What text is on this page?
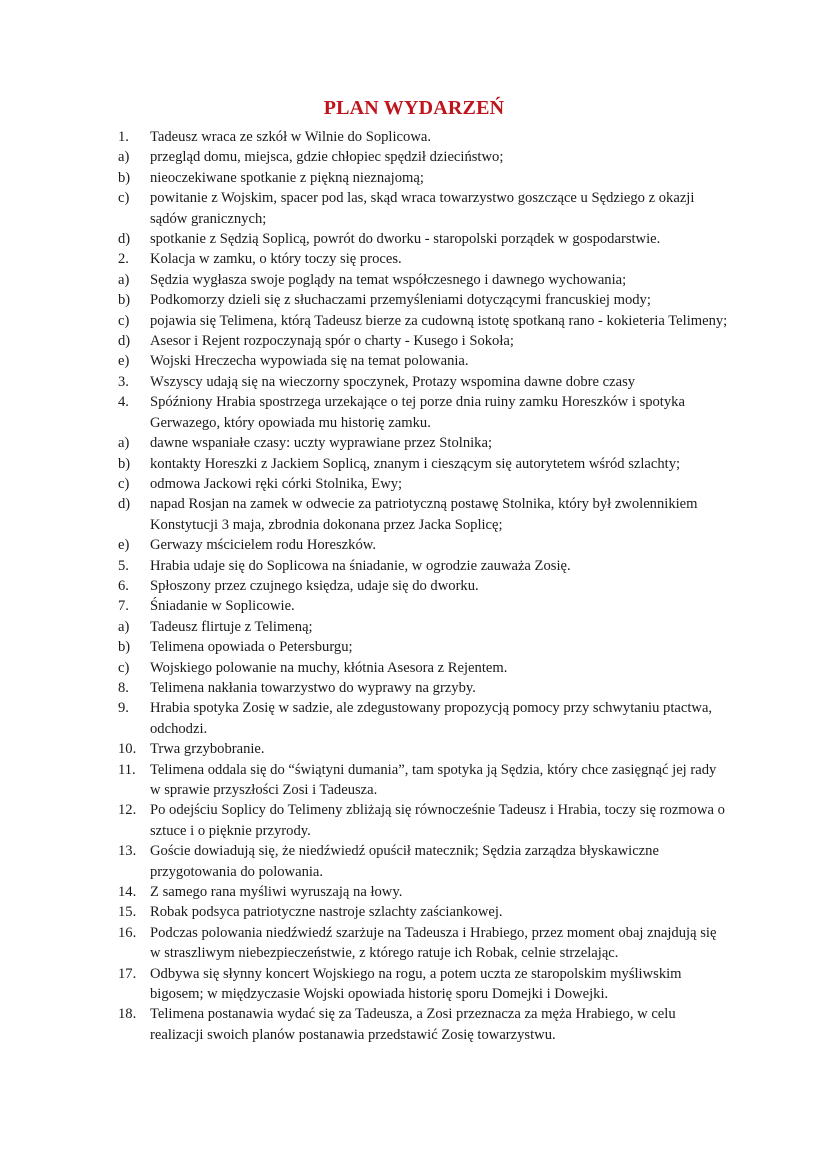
PLAN WYDARZEŃ
1.	Tadeusz wraca ze szkół w Wilnie do Soplicowa.
a)	przegląd domu, miejsca, gdzie chłopiec spędził dzieciństwo;
b)	nieoczekiwane spotkanie z piękną nieznajomą;
c)	powitanie z Wojskim, spacer pod las, skąd wraca towarzystwo goszczące u Sędziego z okazji sądów granicznych;
d)	spotkanie z Sędzią Soplicą, powrót do dworku - staropolski porządek w gospodarstwie.
2.	Kolacja w zamku, o który toczy się proces.
a)	Sędzia wygłasza swoje poglądy na temat współczesnego i dawnego wychowania;
b)	Podkomorzy dzieli się z słuchaczami przemyśleniami dotyczącymi francuskiej mody;
c)	pojawia się Telimena, którą Tadeusz bierze za cudowną istotę spotkaną rano - kokieteria Telimeny;
d)	Asesor i Rejent rozpoczynają spór o charty - Kusego i Sokoła;
e)	Wojski Hreczecha wypowiada się na temat polowania.
3.	Wszyscy udają się na wieczorny spoczynek, Protazy wspomina dawne dobre czasy
4.	Spóźniony Hrabia spostrzega urzekające o tej porze dnia ruiny zamku Horeszków i spotyka Gerwazego, który opowiada mu historię zamku.
a)	dawne wspaniałe czasy: uczty wyprawiane przez Stolnika;
b)	kontakty Horeszki z Jackiem Soplicą, znanym i cieszącym się autorytetem wśród szlachty;
c)	odmowa Jackowi ręki córki Stolnika, Ewy;
d)	napad Rosjan na zamek w odwecie za patriotyczną postawę Stolnika, który był zwolennikiem Konstytucji 3 maja, zbrodnia dokonana przez Jacka Soplicę;
e)	Gerwazy mścicielem rodu Horeszków.
5.	Hrabia udaje się do Soplicowa na śniadanie, w ogrodzie zauważa Zosię.
6.	Spłoszony przez czujnego księdza, udaje się do dworku.
7.	Śniadanie w Soplicowie.
a)	Tadeusz flirtuje z Telimeną;
b)	Telimena opowiada o Petersburgu;
c)	Wojskiego polowanie na muchy, kłótnia Asesora z Rejentem.
8.	Telimena nakłania towarzystwo do wyprawy na grzyby.
9.	Hrabia spotyka Zosię w sadzie, ale zdegustowany propozycją pomocy przy schwytaniu ptactwa, odchodzi.
10. Trwa grzybobranie.
11. Telimena oddala się do “świątyni dumania”, tam spotyka ją Sędzia, który chce zasięgnąć jej rady w sprawie przyszłości Zosi i Tadeusza.
12. Po odejściu Soplicy do Telimeny zbliżają się równocześnie Tadeusz i Hrabia, toczy się rozmowa o sztuce i o pięknie przyrody.
13. Goście dowiadują się, że niedźwiedź opuścił matecznik; Sędzia zarządza błyskawiczne przygotowania do polowania.
14. Z samego rana myśliwi wyruszają na łowy.
15. Robak podsyca patriotyczne nastroje szlachty zaściankowej.
16. Podczas polowania niedźwiedź szarżuje na Tadeusza i Hrabiego, przez moment obaj znajdują się w straszliwym niebezpieczeństwie, z którego ratuje ich Robak, celnie strzelając.
17. Odbywa się słynny koncert Wojskiego na rogu, a potem uczta ze staropolskim myśliwskim bigosem; w międzyczasie Wojski opowiada historię sporu Domejki i Dowejki.
18. Telimena postanawia wydać się za Tadeusza, a Zosi przeznacza za męża Hrabiego, w celu realizacji swoich planów postanawia przedstawić Zosię towarzystwu.
